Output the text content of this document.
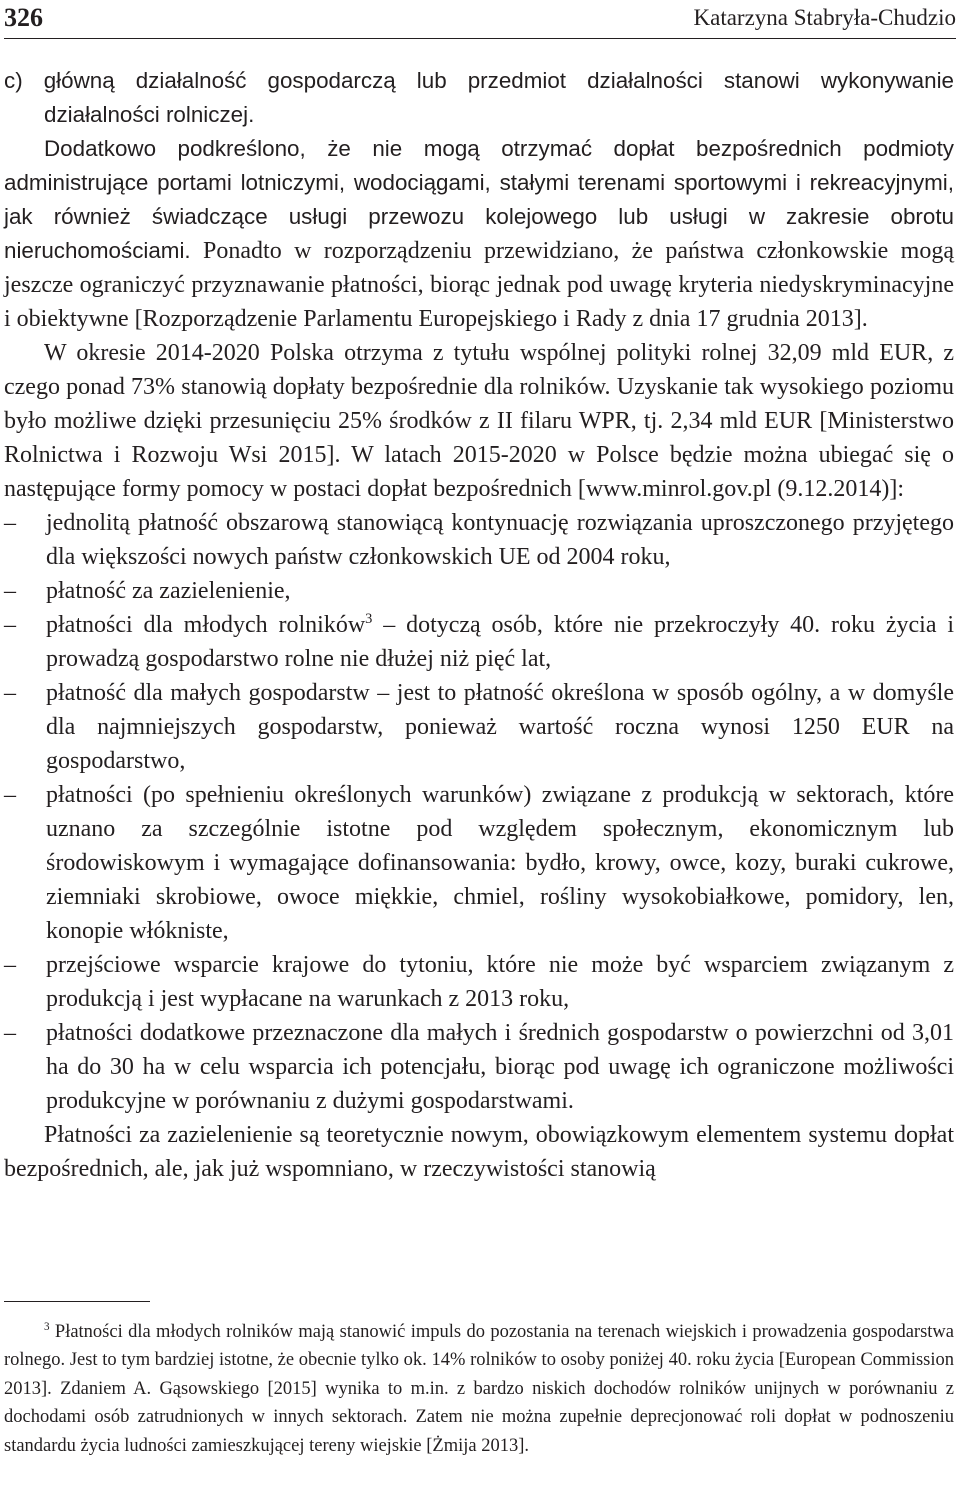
326	Katarzyna Stabryła-Chudzio

c) główną działalność gospodarczą lub przedmiot działalności stanowi wykonywanie działalności rolniczej.

Dodatkowo podkreślono, że nie mogą otrzymać dopłat bezpośrednich podmioty administrujące portami lotniczymi, wodociągami, stałymi terenami sportowymi i rekreacyjnymi, jak również świadczące usługi przewozu kolejowego lub usługi w zakresie obrotu nieruchomościami. Ponadto w rozporządzeniu przewidziano, że państwa członkowskie mogą jeszcze ograniczyć przyznawanie płatności, biorąc jednak pod uwagę kryteria niedyskryminacyjne i obiektywne [Rozporządzenie Parlamentu Europejskiego i Rady z dnia 17 grudnia 2013].

W okresie 2014-2020 Polska otrzyma z tytułu wspólnej polityki rolnej 32,09 mld EUR, z czego ponad 73% stanowią dopłaty bezpośrednie dla rolników. Uzyskanie tak wysokiego poziomu było możliwe dzięki przesunięciu 25% środków z II filaru WPR, tj. 2,34 mld EUR [Ministerstwo Rolnictwa i Rozwoju Wsi 2015]. W latach 2015-2020 w Polsce będzie można ubiegać się o następujące formy pomocy w postaci dopłat bezpośrednich [www.minrol.gov.pl (9.12.2014)]:

– jednolitą płatność obszarową stanowiącą kontynuację rozwiązania uproszczonego przyjętego dla większości nowych państw członkowskich UE od 2004 roku,
– płatność za zazielenienie,
– płatności dla młodych rolników$^3$ – dotyczą osób, które nie przekroczyły 40. roku życia i prowadzą gospodarstwo rolne nie dłużej niż pięć lat,
– płatność dla małych gospodarstw – jest to płatność określona w sposób ogólny, a w domyśle dla najmniejszych gospodarstw, ponieważ wartość roczna wynosi 1250 EUR na gospodarstwo,
– płatności (po spełnieniu określonych warunków) związane z produkcją w sektorach, które uznano za szczególnie istotne pod względem społecznym, ekonomicznym lub środowiskowym i wymagające dofinansowania: bydło, krowy, owce, kozy, buraki cukrowe, ziemniaki skrobiowe, owoce miękkie, chmiel, rośliny wysokobiałkowe, pomidory, len, konopie włókniste,
– przejściowe wsparcie krajowe do tytoniu, które nie może być wsparciem związanym z produkcją i jest wypłacane na warunkach z 2013 roku,
– płatności dodatkowe przeznaczone dla małych i średnich gospodarstw o powierzchni od 3,01 ha do 30 ha w celu wsparcia ich potencjału, biorąc pod uwagę ich ograniczone możliwości produkcyjne w porównaniu z dużymi gospodarstwami.

Płatności za zazielenienie są teoretycznie nowym, obowiązkowym elementem systemu dopłat bezpośrednich, ale, jak już wspomniano, w rzeczywistości stanowią

$^3$ Płatności dla młodych rolników mają stanowić impuls do pozostania na terenach wiejskich i prowadzenia gospodarstwa rolnego. Jest to tym bardziej istotne, że obecnie tylko ok. 14% rolników to osoby poniżej 40. roku życia [European Commission 2013]. Zdaniem A. Gąsowskiego [2015] wynika to m.in. z bardzo niskich dochodów rolników unijnych w porównaniu z dochodami osób zatrudnionych w innych sektorach. Zatem nie można zupełnie deprecjonować roli dopłat w podnoszeniu standardu życia ludności zamieszkującej tereny wiejskie [Żmija 2013].
